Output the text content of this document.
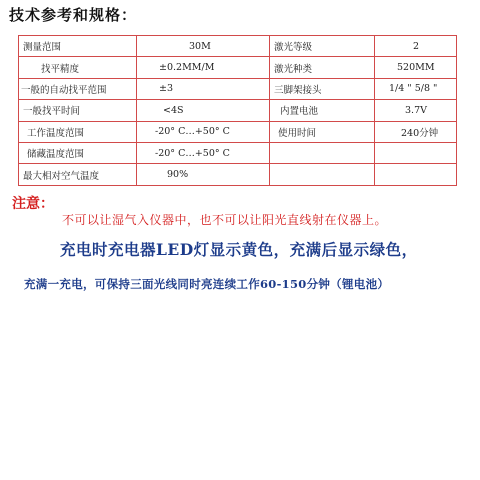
技术参考和规格：
测量范围	30M	激光等级	2
找平精度	±0.2MM/M	激光种类	520MM
一般的自动找平范围	±3	三脚架接头	1/4 " 5/8 "
一般找平时间	<4S	内置电池	3.7V
工作温度范围	-20° C…+50° C	使用时间	240分钟
储藏温度范围	-20° C…+50° C		
最大相对空气温度	90%		
注意：
不可以让湿气入仪器中，也不可以让阳光直线射在仪器上。
充电时充电器LED灯显示黄色，充满后显示绿色，
充满一充电，可保持三面光线同时亮连续工作60-150分钟（锂电池）
